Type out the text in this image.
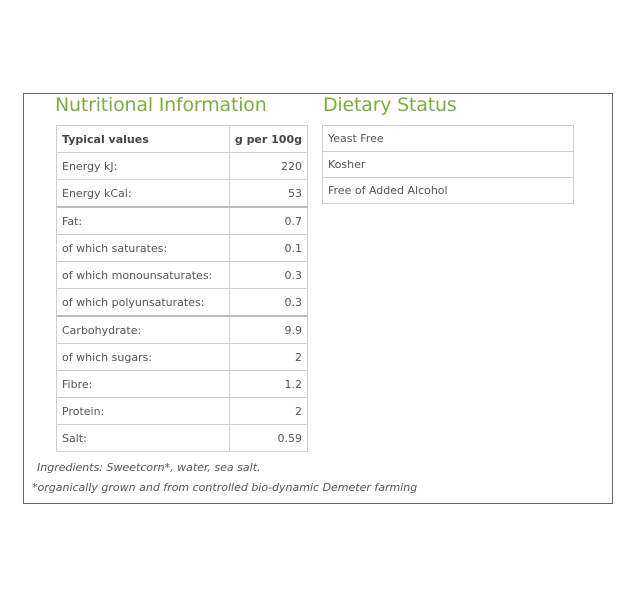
Nutritional Information	Dietary Status
Typical values	g per 100g
Energy kJ:	220
Energy kCal:	53
Fat:	0.7
of which saturates:	0.1
of which monounsaturates:	0.3
of which polyunsaturates:	0.3
Carbohydrate:	9.9
of which sugars:	2
Fibre:	1.2
Protein:	2
Salt:	0.59
Yeast Free
Kosher
Free of Added Alcohol
Ingredients: Sweetcorn*, water, sea salt.
*organically grown and from controlled bio-dynamic Demeter farming
